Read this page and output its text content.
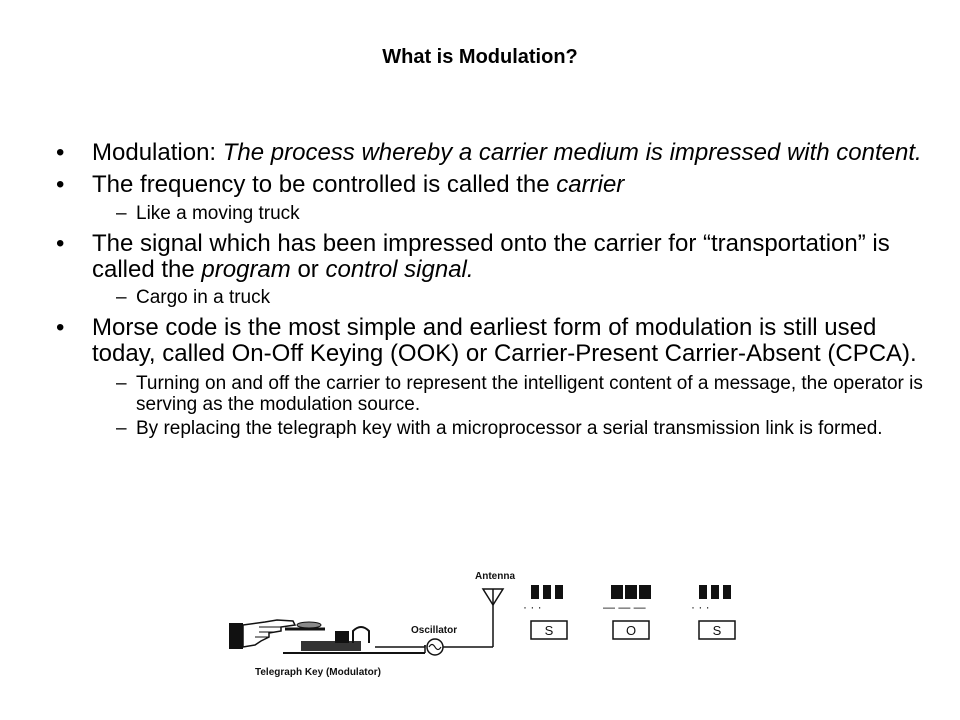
What is Modulation?
•	Modulation: The process whereby a carrier medium is impressed with content.
•	The frequency to be controlled is called the carrier
– Like a moving truck
•	The signal which has been impressed onto the carrier for “transportation” is called the program or control signal.
– Cargo in a truck
•	Morse code is the most simple and earliest form of modulation is still used today, called On-Off Keying (OOK) or Carrier-Present Carrier-Absent (CPCA).
– Turning on and off the carrier to represent the intelligent content of a message, the operator is serving as the modulation source.
– By replacing the telegraph key with a microprocessor a serial transmission link is formed.
Oscillator
Antenna
Telegraph Key (Modulator)
· · ·
S
— — —
O
· · ·
S
